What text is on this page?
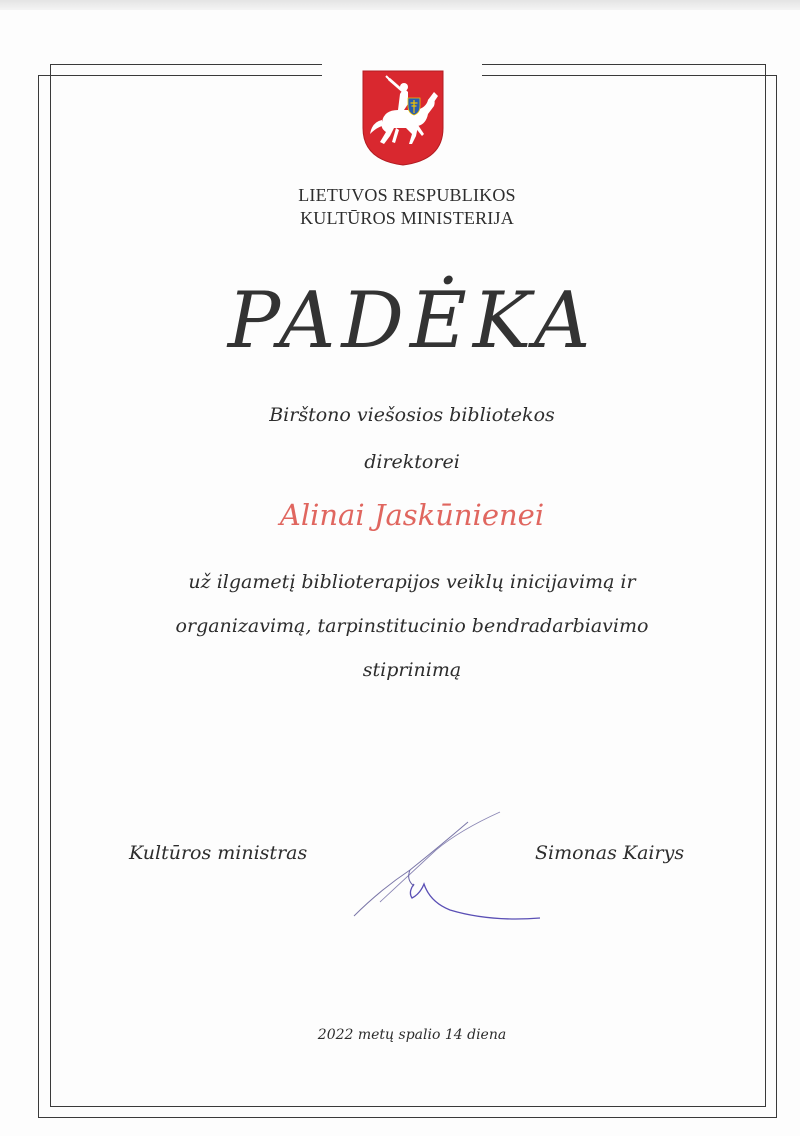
LIETUVOS RESPUBLIKOS
KULTŪROS MINISTERIJA
PADĖKA
Birštono viešosios bibliotekos
direktorei
Alinai Jaskūnienei
už ilgametį biblioterapijos veiklų inicijavimą ir
organizavimą, tarpinstitucinio bendradarbiavimo
stiprinimą
Kultūros ministras	Simonas Kairys
2022 metų spalio 14 diena
